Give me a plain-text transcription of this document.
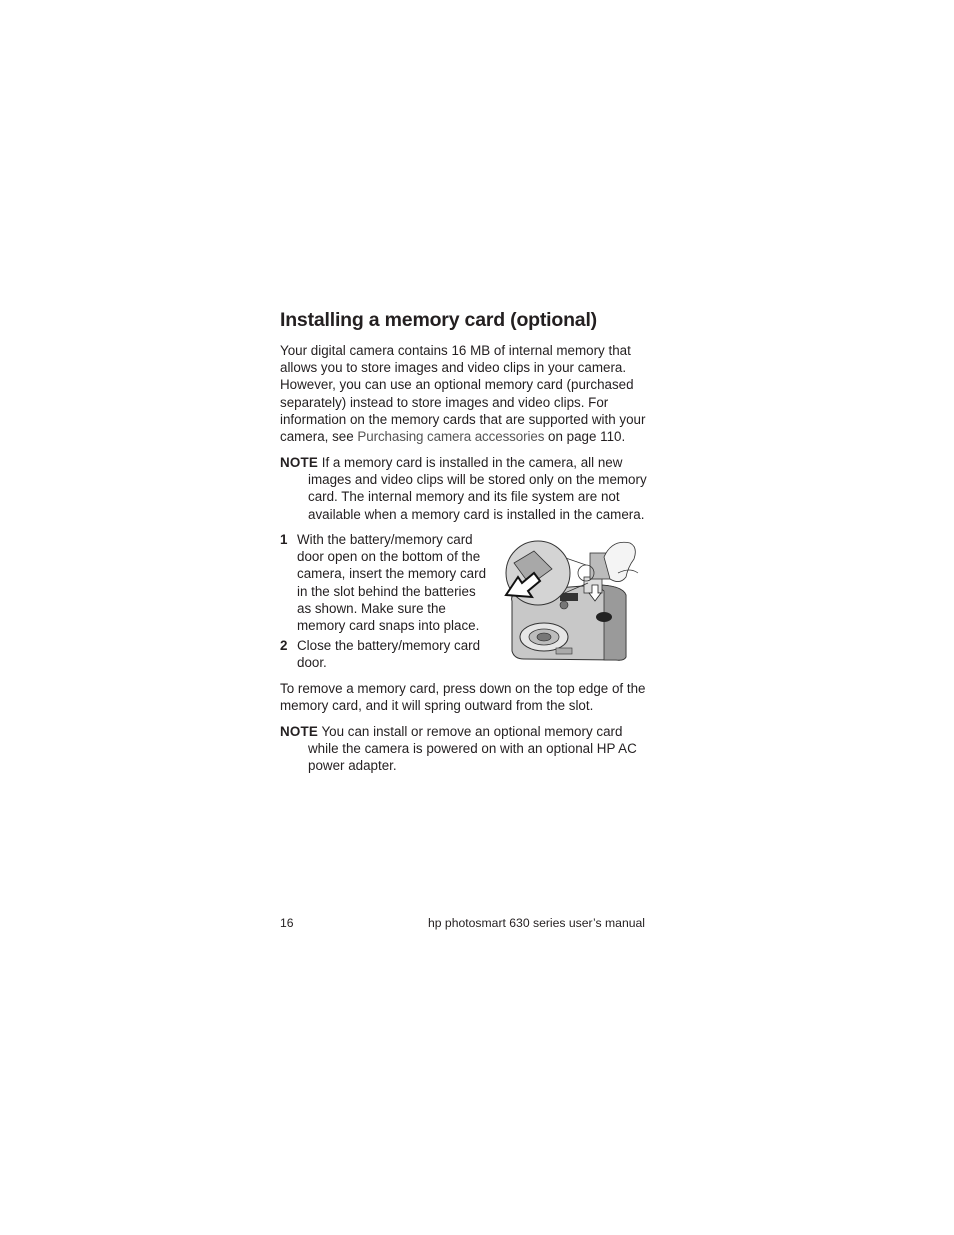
Installing a memory card (optional)

Your digital camera contains 16 MB of internal memory that allows you to store images and video clips in your camera. However, you can use an optional memory card (purchased separately) instead to store images and video clips. For information on the memory cards that are supported with your camera, see Purchasing camera accessories on page 110.

NOTE If a memory card is installed in the camera, all new images and video clips will be stored only on the memory card. The internal memory and its file system are not available when a memory card is installed in the camera.

1 With the battery/memory card door open on the bottom of the camera, insert the memory card in the slot behind the batteries as shown. Make sure the memory card snaps into place.

2 Close the battery/memory card door.

To remove a memory card, press down on the top edge of the memory card, and it will spring outward from the slot.

NOTE You can install or remove an optional memory card while the camera is powered on with an optional HP AC power adapter.

16	hp photosmart 630 series user’s manual
